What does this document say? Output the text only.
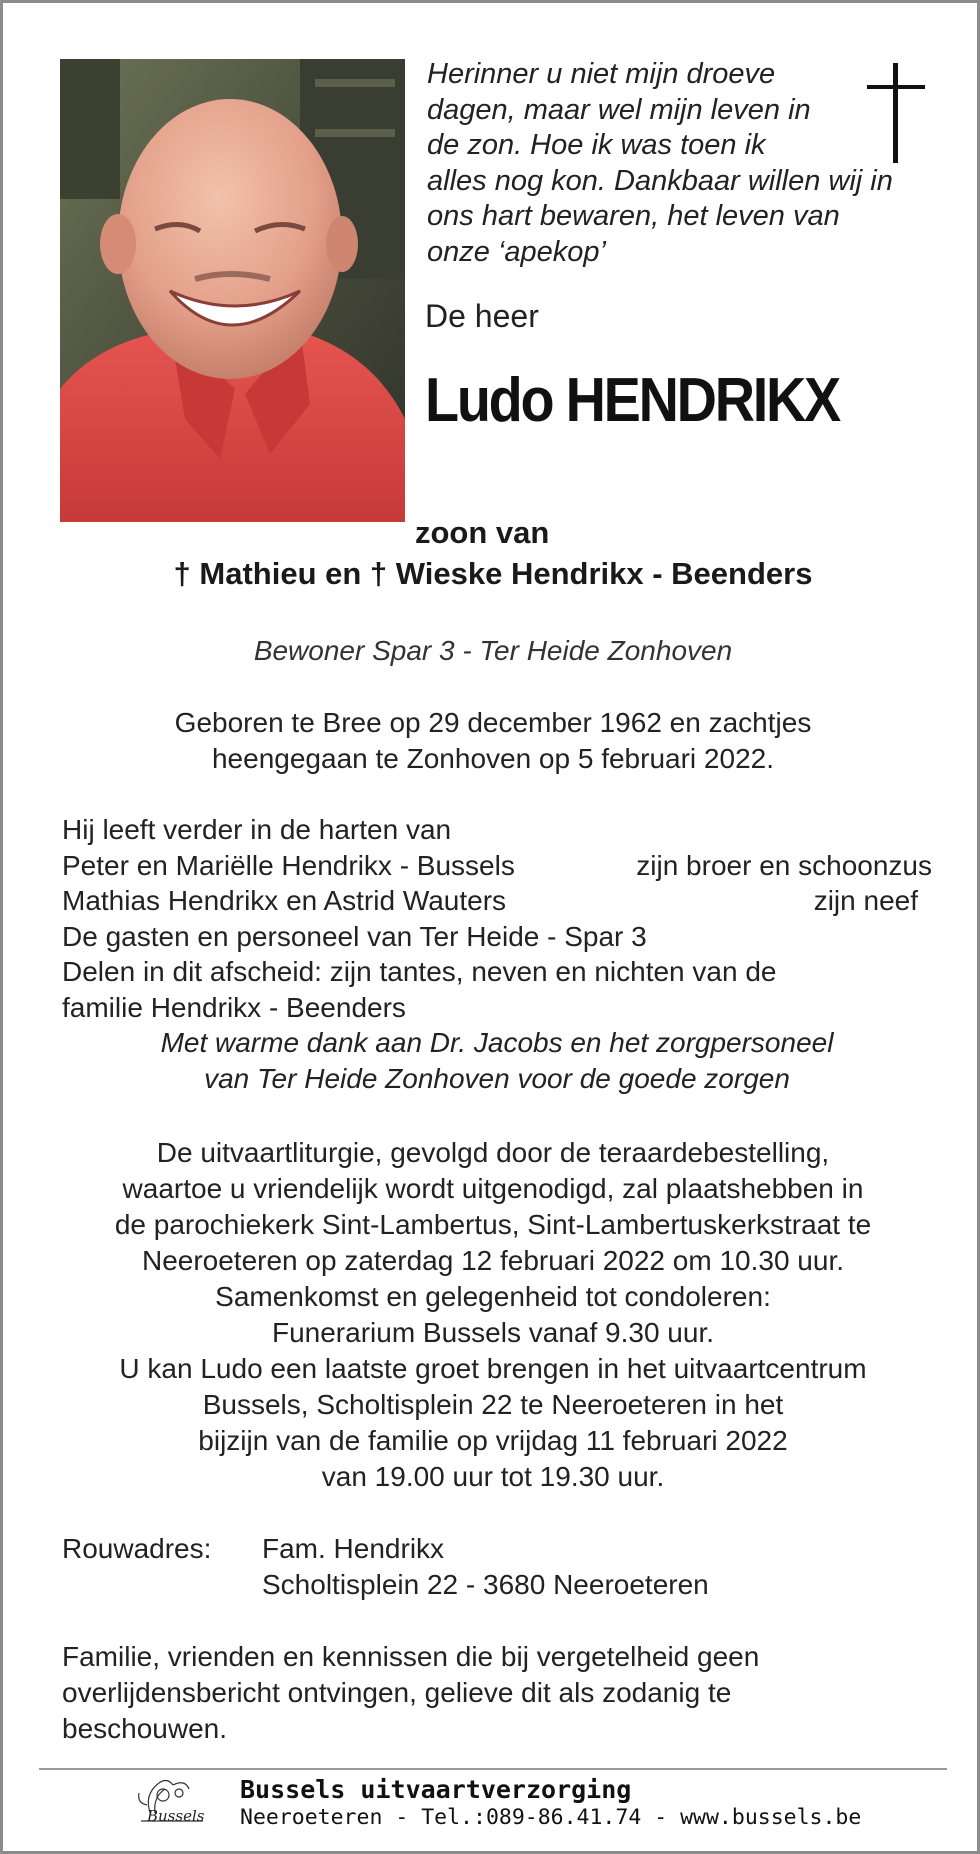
Herinner u niet mijn droeve
dagen, maar wel mijn leven in
de zon. Hoe ik was toen ik
alles nog kon. Dankbaar willen wij in
ons hart bewaren, het leven van
onze ‘apekop’
De heer
Ludo HENDRIKX
zoon van
† Mathieu en † Wieske Hendrikx - Beenders
Bewoner Spar 3 - Ter Heide Zonhoven
Geboren te Bree op 29 december 1962 en zachtjes
heengegaan te Zonhoven op 5 februari 2022.
Hij leeft verder in de harten van
Peter en Mariëlle Hendrikx - Bussels	zijn broer en schoonzus
Mathias Hendrikx en Astrid Wauters	zijn neef
De gasten en personeel van Ter Heide - Spar 3
Delen in dit afscheid: zijn tantes, neven en nichten van de
familie Hendrikx - Beenders
Met warme dank aan Dr. Jacobs en het zorgpersoneel
van Ter Heide Zonhoven voor de goede zorgen
De uitvaartliturgie, gevolgd door de teraardebestelling,
waartoe u vriendelijk wordt uitgenodigd, zal plaatshebben in
de parochiekerk Sint-Lambertus, Sint-Lambertuskerkstraat te
Neeroeteren op zaterdag 12 februari 2022 om 10.30 uur.
Samenkomst en gelegenheid tot condoleren:
Funerarium Bussels vanaf 9.30 uur.
U kan Ludo een laatste groet brengen in het uitvaartcentrum
Bussels, Scholtisplein 22 te Neeroeteren in het
bijzijn van de familie op vrijdag 11 februari 2022
van 19.00 uur tot 19.30 uur.
Rouwadres: Fam. Hendrikx
Scholtisplein 22 - 3680 Neeroeteren
Familie, vrienden en kennissen die bij vergetelheid geen
overlijdensbericht ontvingen, gelieve dit als zodanig te
beschouwen.
Bussels
Bussels uitvaartverzorging
Neeroeteren - Tel.:089-86.41.74 - www.bussels.be
